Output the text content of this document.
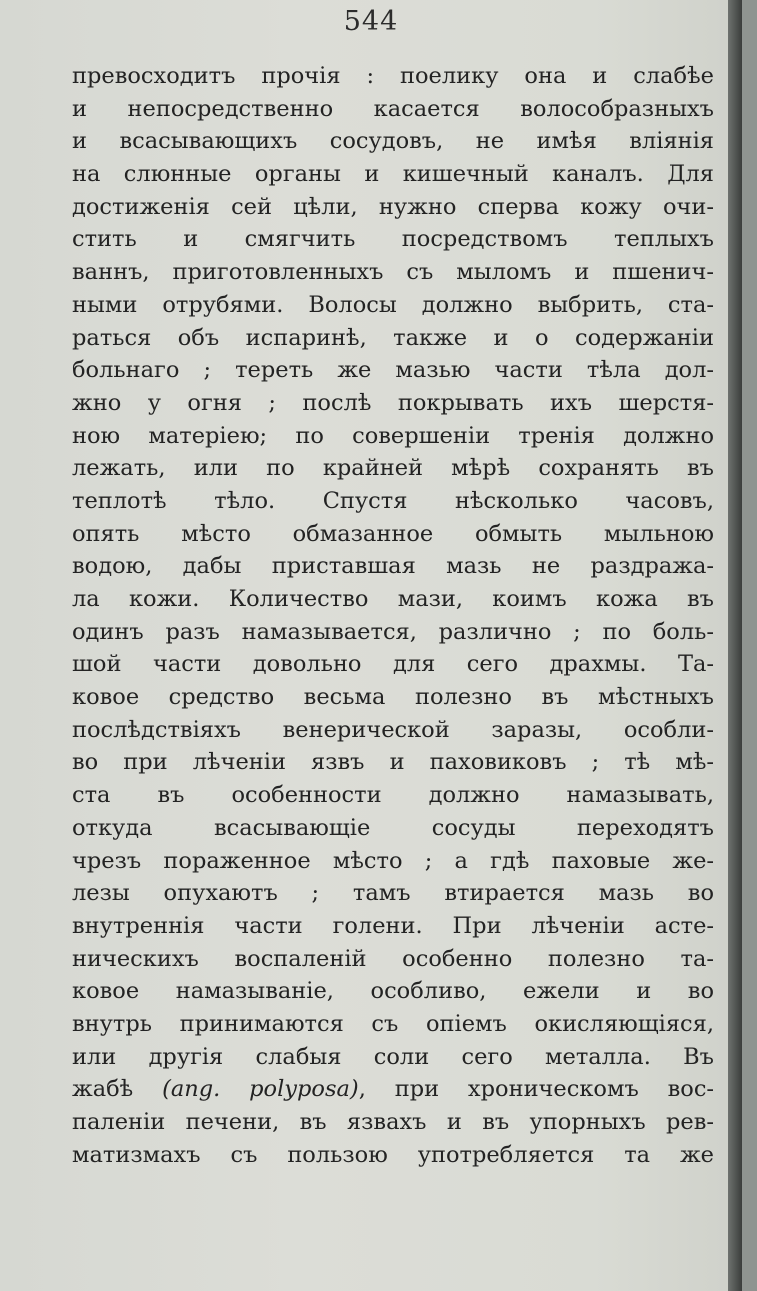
544
превосходитъ прочія : поелику она и слабѣе
и непосредственно касается волособразныхъ
и всасывающихъ сосудовъ, не имѣя вліянія
на слюнные органы и кишечный каналъ. Для
достиженія сей цѣли, нужно сперва кожу очи-
стить и смягчить посредствомъ теплыхъ
ваннъ, приготовленныхъ съ мыломъ и пшенич-
ными отрубями. Волосы должно выбрить, ста-
раться объ испаринѣ, также и о содержаніи
больнаго ; тереть же мазью части тѣла дол-
жно у огня ; послѣ покрывать ихъ шерстя-
ною матеріею; по совершеніи тренія должно
лежать, или по крайней мѣрѣ сохранять въ
теплотѣ тѣло. Спустя нѣсколько часовъ,
опять мѣсто обмазанное обмыть мыльною
водою, дабы приставшая мазь не раздража-
ла кожи. Количество мази, коимъ кожа въ
одинъ разъ намазывается, различно ; по боль-
шой части довольно для сего драхмы. Та-
ковое средство весьма полезно въ мѣстныхъ
послѣдствіяхъ венерической заразы, особли-
во при лѣченіи язвъ и паховиковъ ; тѣ мѣ-
ста въ особенности должно намазывать,
откуда всасывающіе сосуды переходятъ
чрезъ пораженное мѣсто ; а гдѣ паховые же-
лезы опухаютъ ; тамъ втирается мазь во
внутреннія части голени. При лѣченіи асте-
ническихъ воспаленій особенно полезно та-
ковое намазываніе, особливо, ежели и во
внутрь принимаются съ опіемъ окисляющіяся,
или другія слабыя соли сего металла. Въ
жабѣ (ang. polyposa), при хроническомъ вос-
паленіи печени, въ язвахъ и въ упорныхъ рев-
матизмахъ съ пользою употребляется та же
